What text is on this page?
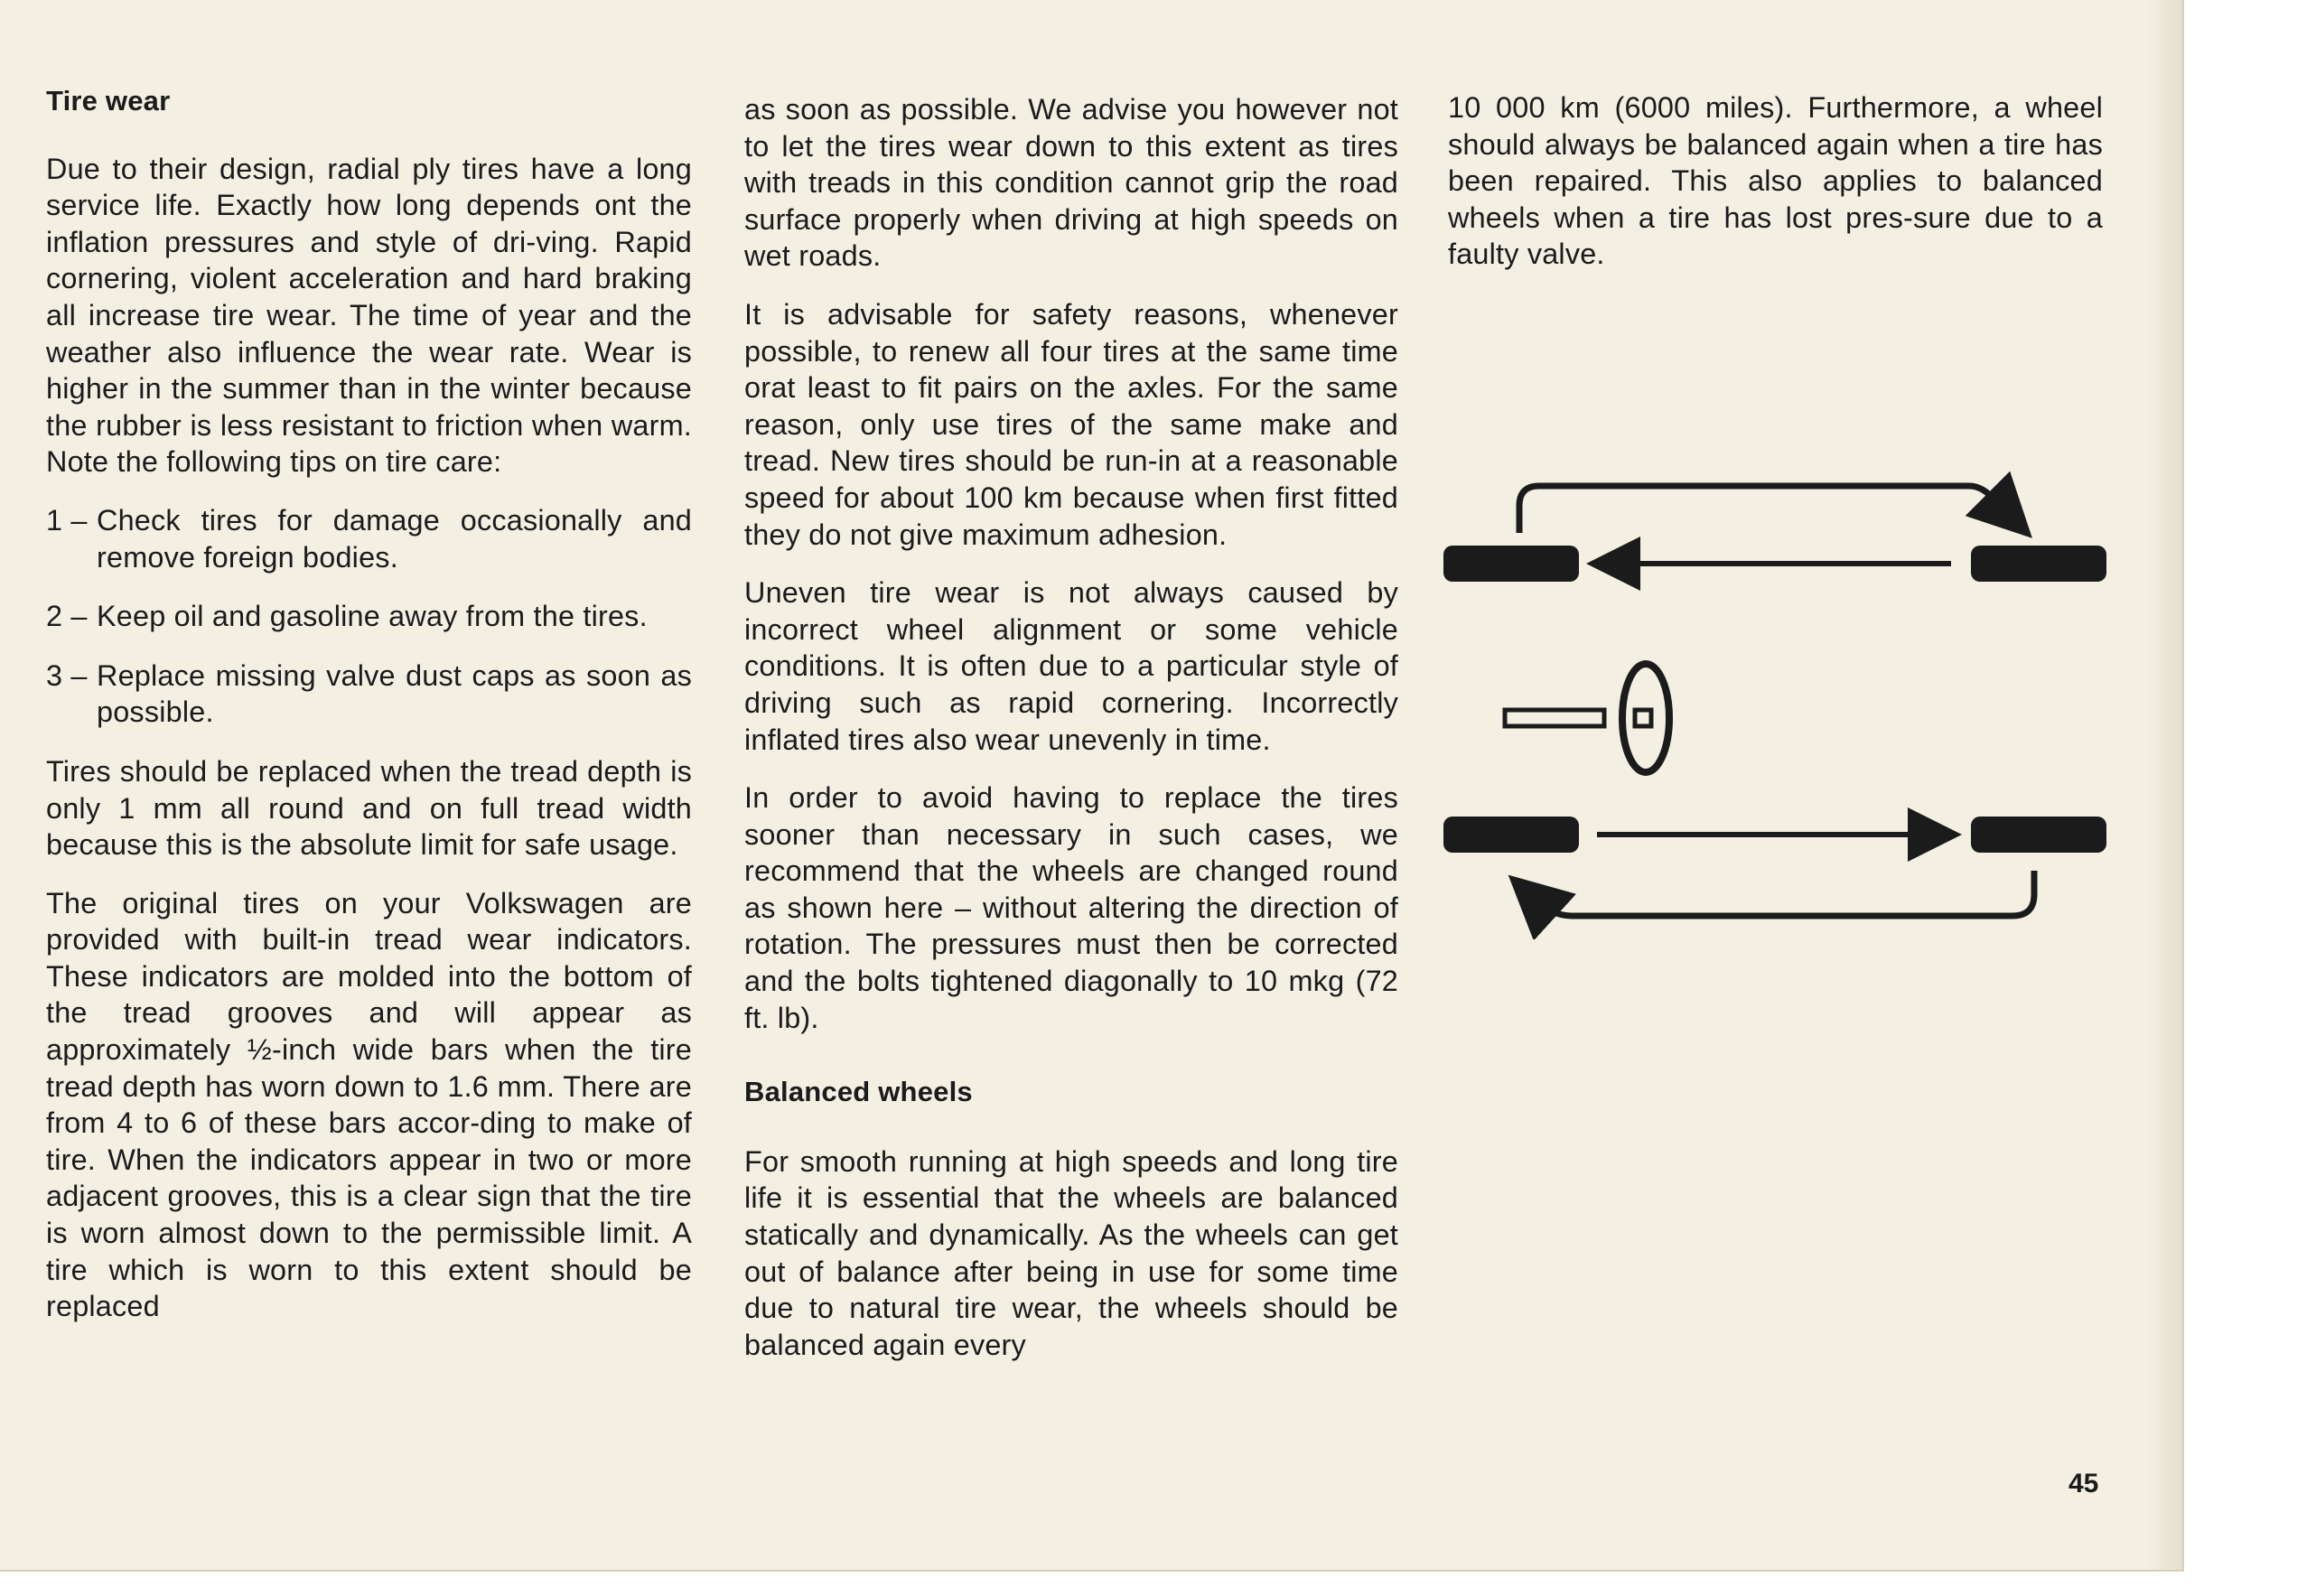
Tire wear

Due to their design, radial ply tires have a long service life. Exactly how long depends ont the inflation pressures and style of dri-ving. Rapid cornering, violent acceleration and hard braking all increase tire wear. The time of year and the weather also influence the wear rate. Wear is higher in the summer than in the winter because the rubber is less resistant to friction when warm. Note the following tips on tire care:

1 – Check tires for damage occasionally and remove foreign bodies.
2 – Keep oil and gasoline away from the tires.
3 – Replace missing valve dust caps as soon as possible.

Tires should be replaced when the tread depth is only 1 mm all round and on full tread width because this is the absolute limit for safe usage.

The original tires on your Volkswagen are provided with built-in tread wear indicators. These indicators are molded into the bottom of the tread grooves and will appear as approximately ½-inch wide bars when the tire tread depth has worn down to 1.6 mm. There are from 4 to 6 of these bars accor-ding to make of tire. When the indicators appear in two or more adjacent grooves, this is a clear sign that the tire is worn almost down to the permissible limit. A tire which is worn to this extent should be replaced

as soon as possible. We advise you however not to let the tires wear down to this extent as tires with treads in this condition cannot grip the road surface properly when driving at high speeds on wet roads.

It is advisable for safety reasons, whenever possible, to renew all four tires at the same time orat least to fit pairs on the axles. For the same reason, only use tires of the same make and tread. New tires should be run-in at a reasonable speed for about 100 km because when first fitted they do not give maximum adhesion.

Uneven tire wear is not always caused by incorrect wheel alignment or some vehicle conditions. It is often due to a particular style of driving such as rapid cornering. Incorrectly inflated tires also wear unevenly in time.

In order to avoid having to replace the tires sooner than necessary in such cases, we recommend that the wheels are changed round as shown here – without altering the direction of rotation. The pressures must then be corrected and the bolts tightened diagonally to 10 mkg (72 ft. lb).

Balanced wheels

For smooth running at high speeds and long tire life it is essential that the wheels are balanced statically and dynamically. As the wheels can get out of balance after being in use for some time due to natural tire wear, the wheels should be balanced again every

10 000 km (6000 miles). Furthermore, a wheel should always be balanced again when a tire has been repaired. This also applies to balanced wheels when a tire has lost pres-sure due to a faulty valve.

45
